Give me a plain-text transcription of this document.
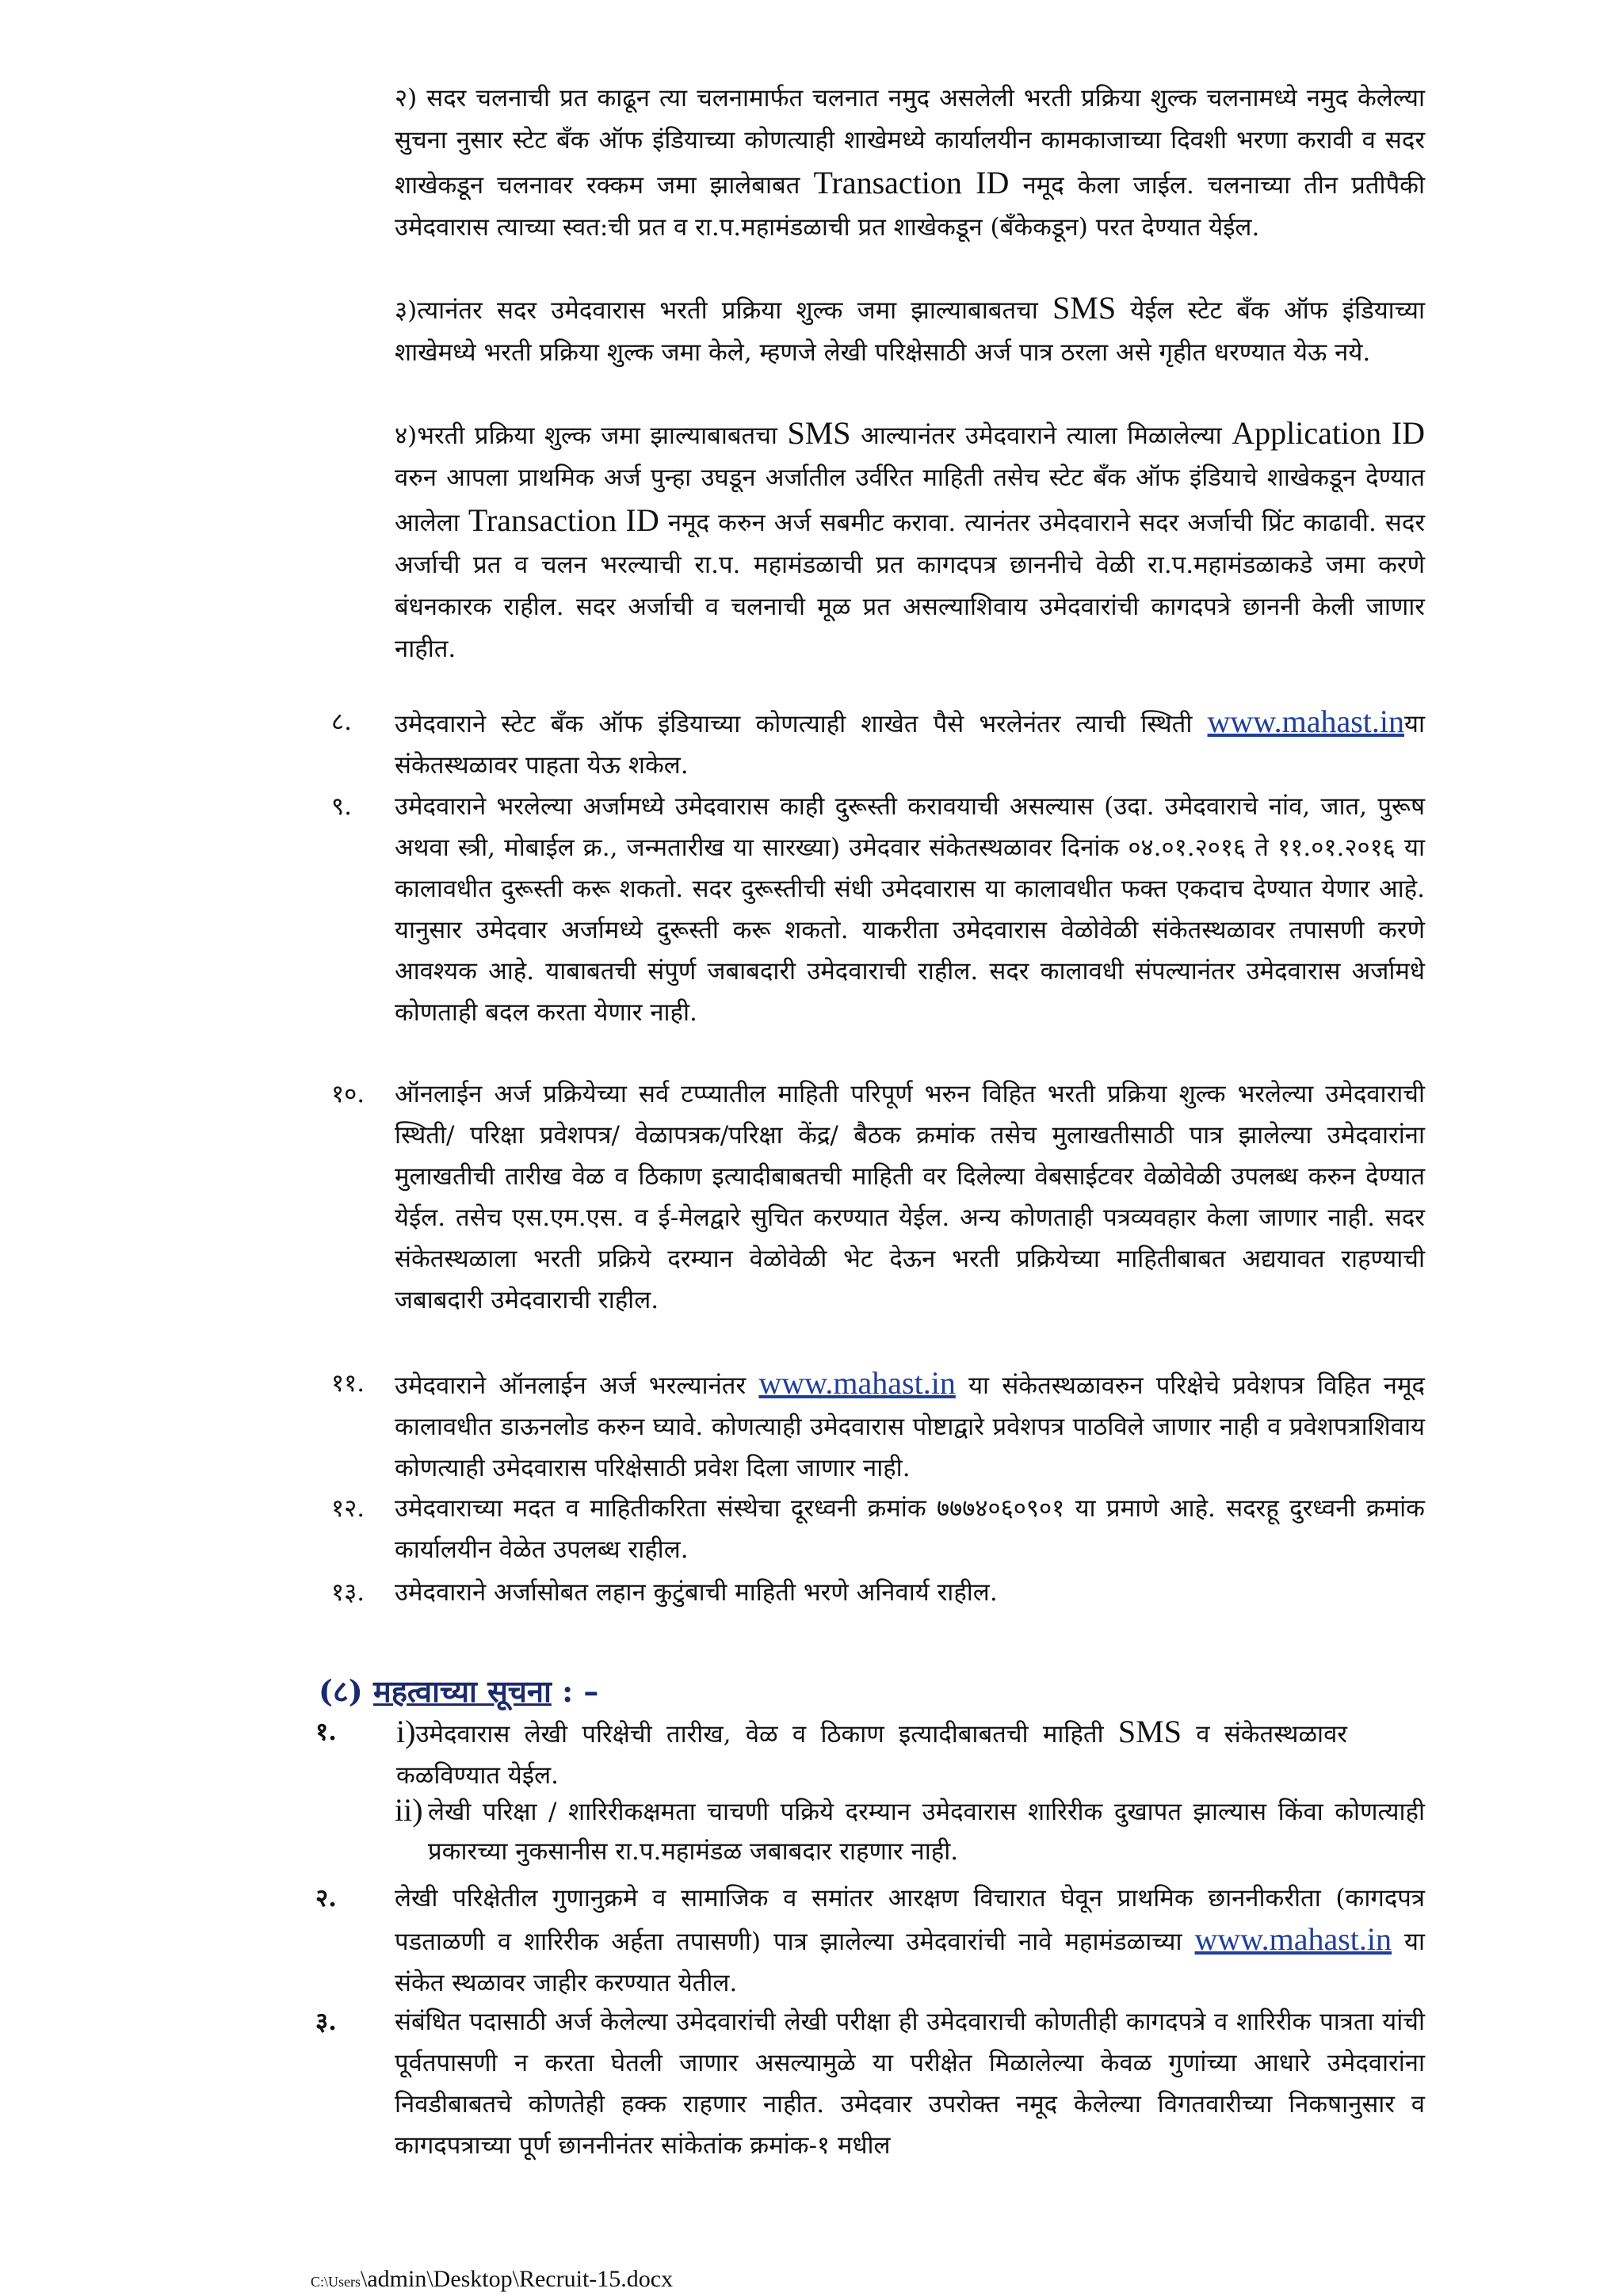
२) सदर चलनाची प्रत काढून त्या चलनामार्फत चलनात नमुद असलेली भरती प्रक्रिया शुल्क चलनामध्ये नमुद केलेल्या सुचना नुसार स्टेट बँक ऑफ इंडियाच्या कोणत्याही शाखेमध्ये कार्यालयीन कामकाजाच्या दिवशी भरणा करावी व सदर शाखेकडून चलनावर रक्कम जमा झालेबाबत Transaction ID नमूद केला जाईल. चलनाच्या तीन प्रतीपैकी उमेदवारास त्याच्या स्वत:ची प्रत व रा.प.महामंडळाची प्रत शाखेकडून (बँकेकडून) परत देण्यात येईल.

३)त्यानंतर सदर उमेदवारास भरती प्रक्रिया शुल्क जमा झाल्याबाबतचा SMS येईल स्टेट बँक ऑफ इंडियाच्या शाखेमध्ये भरती प्रक्रिया शुल्क जमा केले, म्हणजे लेखी परिक्षेसाठी अर्ज पात्र ठरला असे गृहीत धरण्यात येऊ नये.

४)भरती प्रक्रिया शुल्क जमा झाल्याबाबतचा SMS आल्यानंतर उमेदवाराने त्याला मिळालेल्या Application ID वरुन आपला प्राथमिक अर्ज पुन्हा उघडून अर्जातील उर्वरित माहिती तसेच स्टेट बँक ऑफ इंडियाचे शाखेकडून देण्यात आलेला Transaction ID नमूद करुन अर्ज सबमीट करावा. त्यानंतर उमेदवाराने सदर अर्जाची प्रिंट काढावी. सदर अर्जाची प्रत व चलन भरल्याची रा.प. महामंडळाची प्रत कागदपत्र छाननीचे वेळी रा.प.महामंडळाकडे जमा करणे बंधनकारक राहील. सदर अर्जाची व चलनाची मूळ प्रत असल्याशिवाय उमेदवारांची कागदपत्रे छाननी केली जाणार नाहीत.

८.	उमेदवाराने स्टेट बँक ऑफ इंडियाच्या कोणत्याही शाखेत पैसे भरलेनंतर त्याची स्थिती www.mahast.inया संकेतस्थळावर पाहता येऊ शकेल.

९.	उमेदवाराने भरलेल्या अर्जामध्ये उमेदवारास काही दुरूस्ती करावयाची असल्यास (उदा. उमेदवाराचे नांव, जात, पुरूष अथवा स्त्री, मोबाईल क्र., जन्मतारीख या सारख्या) उमेदवार संकेतस्थळावर दिनांक ०४.०१.२०१६ ते ११.०१.२०१६ या कालावधीत दुरूस्ती करू शकतो. सदर दुरूस्तीची संधी उमेदवारास या कालावधीत फक्त एकदाच देण्यात येणार आहे. यानुसार उमेदवार अर्जामध्ये दुरूस्ती करू शकतो. याकरीता उमेदवारास वेळोवेळी संकेतस्थळावर तपासणी करणे आवश्यक आहे. याबाबतची संपुर्ण जबाबदारी उमेदवाराची राहील. सदर कालावधी संपल्यानंतर उमेदवारास अर्जामधे कोणताही बदल करता येणार नाही.

१०.	ऑनलाईन अर्ज प्रक्रियेच्या सर्व टप्प्यातील माहिती परिपूर्ण भरुन विहित भरती प्रक्रिया शुल्क भरलेल्या उमेदवाराची स्थिती/ परिक्षा प्रवेशपत्र/ वेळापत्रक/परिक्षा केंद्र/ बैठक क्रमांक तसेच मुलाखतीसाठी पात्र झालेल्या उमेदवारांना मुलाखतीची तारीख वेळ व ठिकाण इत्यादीबाबतची माहिती वर दिलेल्या वेबसाईटवर वेळोवेळी उपलब्ध करुन देण्यात येईल. तसेच एस.एम.एस. व ई-मेलद्वारे सुचित करण्यात येईल. अन्य कोणताही पत्रव्यवहार केला जाणार नाही. सदर संकेतस्थळाला भरती प्रक्रिये दरम्यान वेळोवेळी भेट देऊन भरती प्रक्रियेच्या माहितीबाबत अद्ययावत राहण्याची जबाबदारी उमेदवाराची राहील.

११.	उमेदवाराने ऑनलाईन अर्ज भरल्यानंतर www.mahast.in या संकेतस्थळावरुन परिक्षेचे प्रवेशपत्र विहित नमूद कालावधीत डाऊनलोड करुन घ्यावे. कोणत्याही उमेदवारास पोष्टाद्वारे प्रवेशपत्र पाठविले जाणार नाही व प्रवेशपत्राशिवाय कोणत्याही उमेदवारास परिक्षेसाठी प्रवेश दिला जाणार नाही.

१२.	उमेदवाराच्या मदत व माहितीकरिता संस्थेचा दूरध्वनी क्रमांक ७७७४०६०९०१ या प्रमाणे आहे. सदरहू दुरध्वनी क्रमांक कार्यालयीन वेळेत उपलब्ध राहील.

१३.	उमेदवाराने अर्जासोबत लहान कुटुंबाची माहिती भरणे अनिवार्य राहील.

(८) महत्वाच्या सूचना : –
१. i)उमेदवारास लेखी परिक्षेची तारीख, वेळ व ठिकाण इत्यादीबाबतची माहिती SMS व संकेतस्थळावर कळविण्यात येईल.

ii) लेखी परिक्षा / शारिरीकक्षमता चाचणी पक्रिये दरम्यान उमेदवारास शारिरीक दुखापत झाल्यास किंवा कोणत्याही प्रकारच्या नुकसानीस रा.प.महामंडळ जबाबदार राहणार नाही.

२. लेखी परिक्षेतील गुणानुक्रमे व सामाजिक व समांतर आरक्षण विचारात घेवून प्राथमिक छाननीकरीता (कागदपत्र पडताळणी व शारिरीक अर्हता तपासणी) पात्र झालेल्या उमेदवारांची नावे महामंडळाच्या www.mahast.in या संकेत स्थळावर जाहीर करण्यात येतील.

३. संबंधित पदासाठी अर्ज केलेल्या उमेदवारांची लेखी परीक्षा ही उमेदवाराची कोणतीही कागदपत्रे व शारिरीक पात्रता यांची पूर्वतपासणी न करता घेतली जाणार असल्यामुळे या परीक्षेत मिळालेल्या केवळ गुणांच्या आधारे उमेदवारांना निवडीबाबतचे कोणतेही हक्क राहणार नाहीत. उमेदवार उपरोक्त नमूद केलेल्या विगतवारीच्या निकषानुसार व कागदपत्राच्या पूर्ण छाननीनंतर सांकेतांक क्रमांक-१ मधील

C:\Users\admin\Desktop\Recruit-15.docx
